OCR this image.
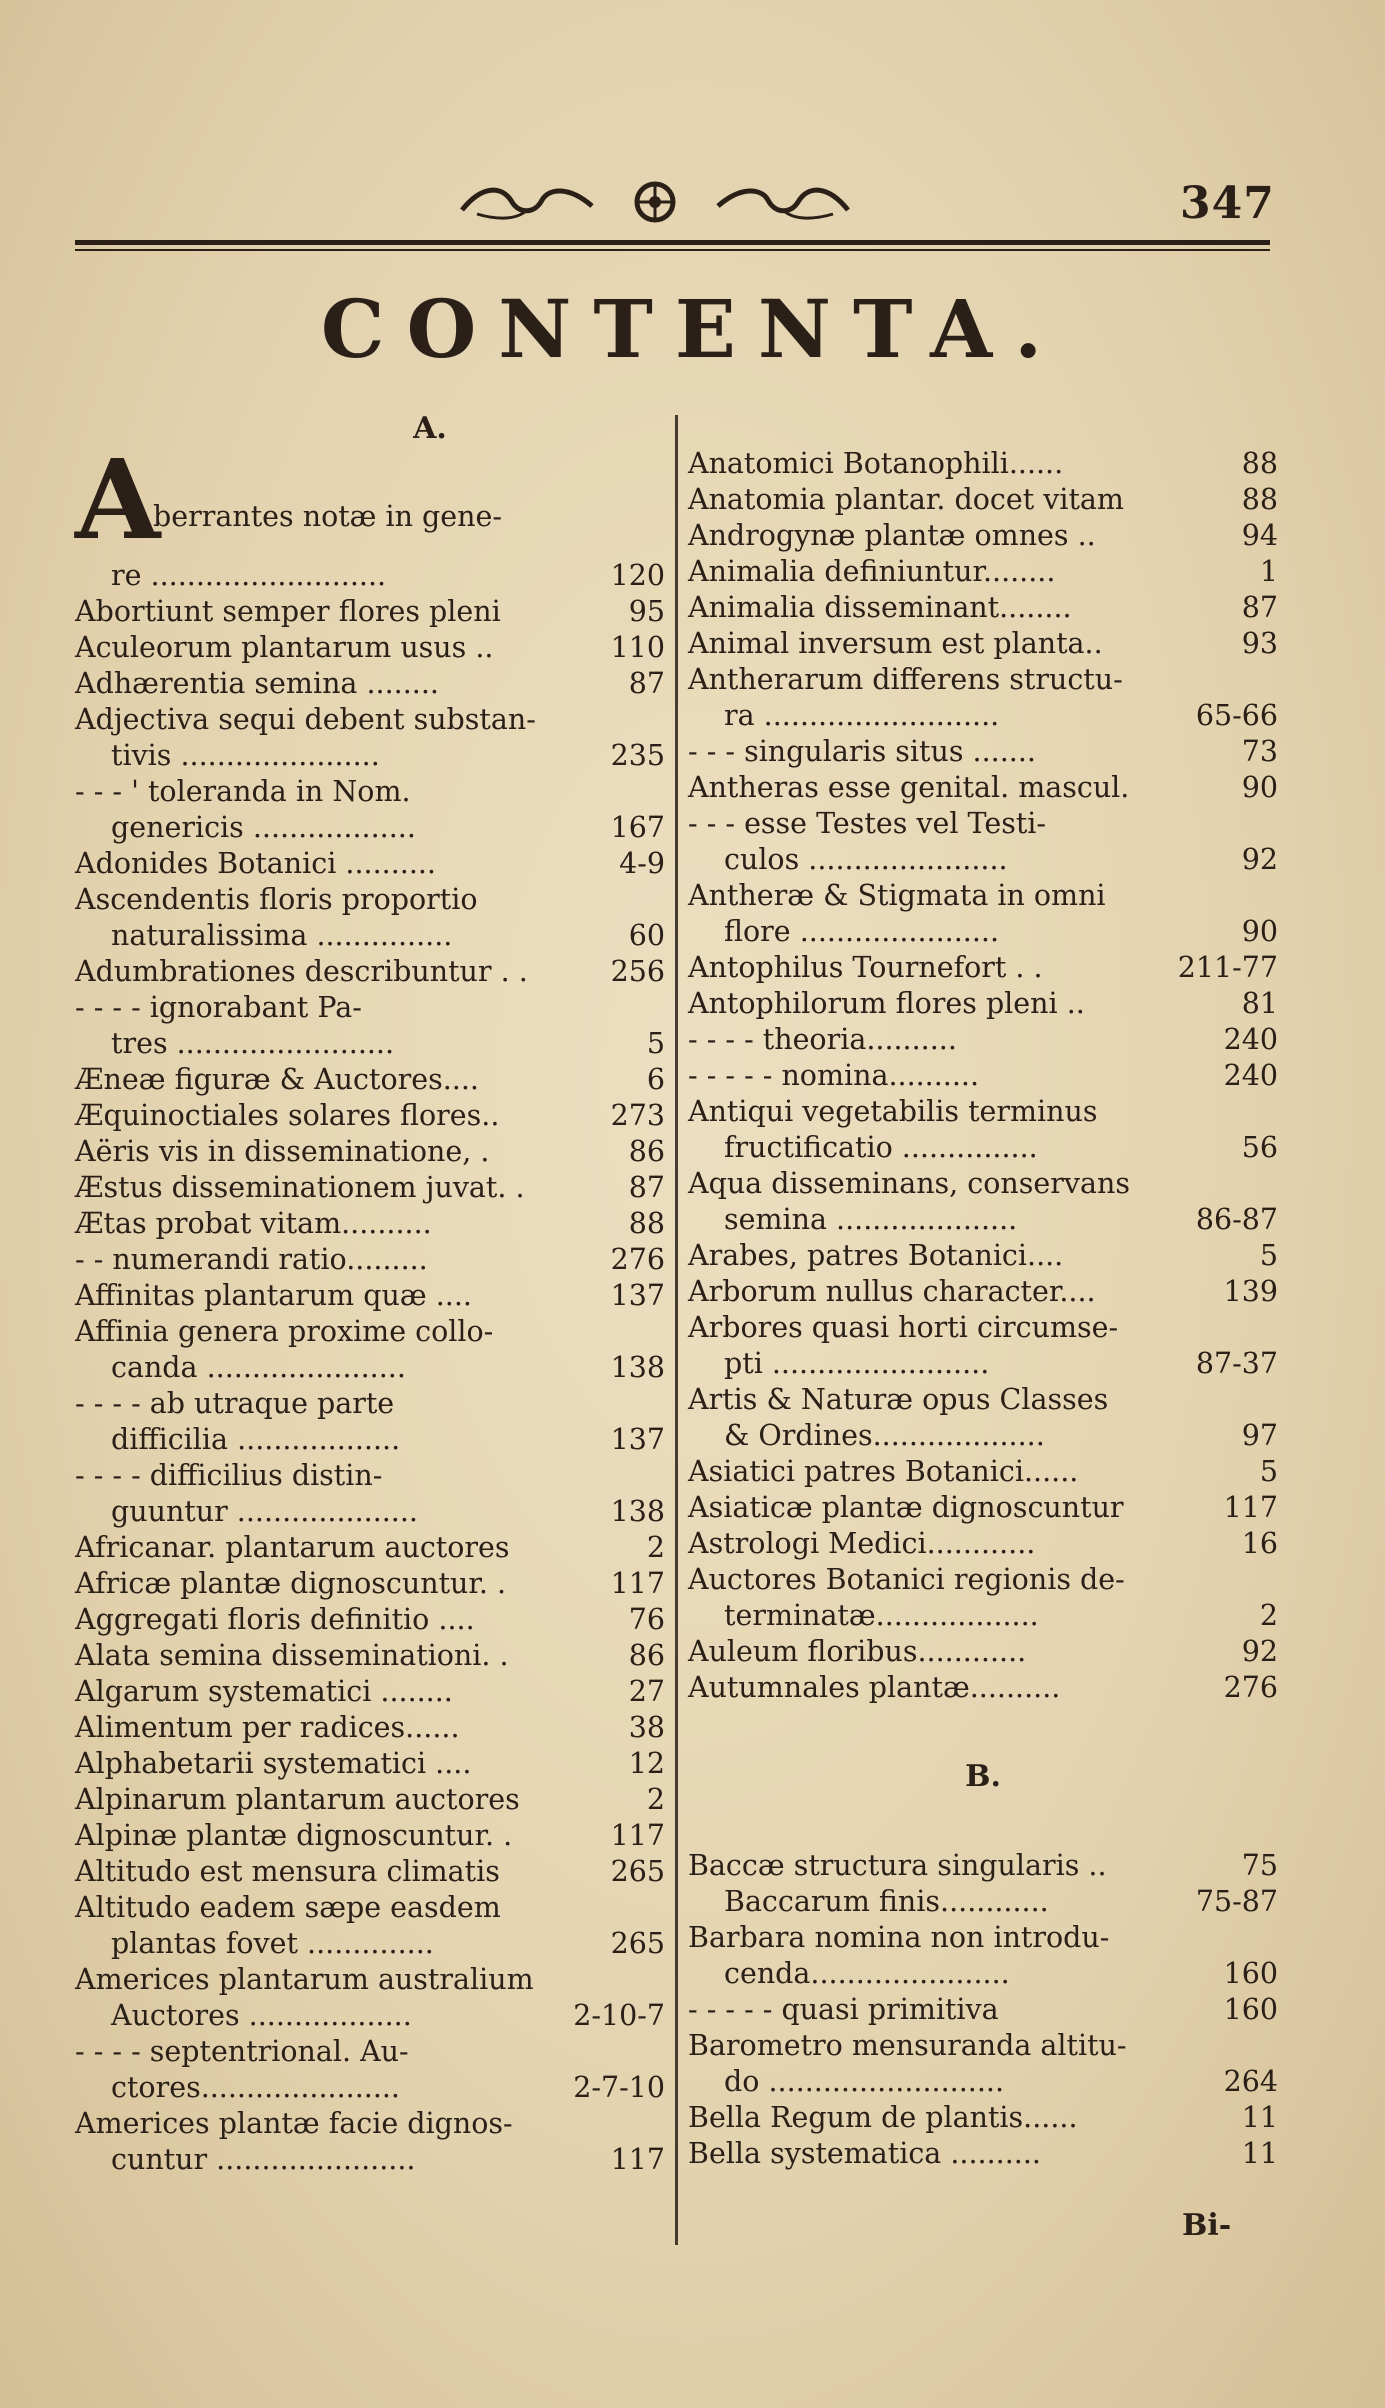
347
CONTENTA.
A.
A
berrantes notæ in gene-
re ..........................	120
Abortiunt semper flores pleni	95
Aculeorum plantarum usus ..	110
Adhærentia semina ........	87
Adjectiva sequi debent substan-
tivis ......................	235
- - - ' toleranda in Nom.
genericis ..................	167
Adonides Botanici ..........	4-9
Ascendentis floris proportio
naturalissima ...............	60
Adumbrationes describuntur . .	256
- - - - ignorabant Pa-
tres ........................	5
Æneæ figuræ & Auctores....	6
Æquinoctiales solares flores..	273
Aëris vis in disseminatione, .	86
Æstus disseminationem juvat. .	87
Ætas probat vitam..........	88
- - numerandi ratio.........	276
Affinitas plantarum quæ ....	137
Affinia genera proxime collo-
canda ......................	138
- - - - ab utraque parte
difficilia ..................	137
- - - - difficilius distin-
guuntur ....................	138
Africanar. plantarum auctores	2
Africæ plantæ dignoscuntur. .	117
Aggregati floris definitio ....	76
Alata semina disseminationi. .	86
Algarum systematici ........	27
Alimentum per radices......	38
Alphabetarii systematici ....	12
Alpinarum plantarum auctores	2
Alpinæ plantæ dignoscuntur. .	117
Altitudo est mensura climatis	265
Altitudo eadem sæpe easdem
plantas fovet ..............	265
Americes plantarum australium
Auctores ..................	2-10-7
- - - - septentrional. Au-
ctores......................	2-7-10
Americes plantæ facie dignos-
cuntur ......................	117
Anatomici Botanophili......	88
Anatomia plantar. docet vitam	88
Androgynæ plantæ omnes ..	94
Animalia definiuntur........	1
Animalia disseminant........	87
Animal inversum est planta..	93
Antherarum differens structu-
ra ..........................	65-66
- - - singularis situs .......	73
Antheras esse genital. mascul.	90
- - - esse Testes vel Testi-
culos ......................	92
Antheræ & Stigmata in omni
flore ......................	90
Antophilus Tournefort . .	211-77
Antophilorum flores pleni ..	81
- - - - theoria..........	240
- - - - - nomina..........	240
Antiqui vegetabilis terminus
fructificatio ...............	56
Aqua disseminans, conservans
semina ....................	86-87
Arabes, patres Botanici....	5
Arborum nullus character....	139
Arbores quasi horti circumse-
pti ........................	87-37
Artis & Naturæ opus Classes
& Ordines...................	97
Asiatici patres Botanici......	5
Asiaticæ plantæ dignoscuntur	117
Astrologi Medici............	16
Auctores Botanici regionis de-
terminatæ..................	2
Auleum floribus............	92
Autumnales plantæ..........	276
B.
Baccæ structura singularis ..	75
Baccarum finis............	75-87
Barbara nomina non introdu-
cenda......................	160
- - - - - quasi primitiva	160
Barometro mensuranda altitu-
do ..........................	264
Bella Regum de plantis......	11
Bella systematica ..........	11
Bi-
